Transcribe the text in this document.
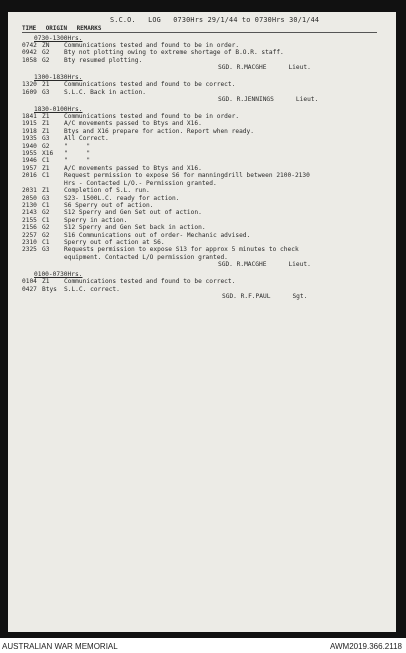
S.C.O. LOG 0730Hrs 29/1/44 to 0730Hrs 30/1/44
TIME ORIGIN REMARKS
0730-1300Hrs.
0742 ZN	Communications tested and found to be in order.
0942 G2	Bty not plotting owing to extreme shortage of B.O.R. staff.
1058 G2	Bty resumed plotting.
SGD. R.MACGHE	Lieut.
1300-1830Hrs.
1320 21	Communications tested and found to be correct.
1609 G3	S.L.C. Back in action.
SGD. R.JENNINGS	Lieut.
1830-0100Hrs.
1841 Z1	Communications tested and found to be in order.
1915 Z1	A/C movements passed to Btys and X16.
1918 Z1	Btys and X16 prepare for action. Report when ready.
1935 G3	All Correct.
1940 G2	"     "
1955 X16	"     "
1946 C1	"     "
1957 Z1	A/C movements passed to Btys and X16.
2016 C1	Request permission to expose S6 for manningdrill between 2100-2130
Hrs - Contacted L/O.- Permission granted.
2031 Z1	Completion of S.L. run.
2050 G3	S23- 1500L.C. ready for action.
2130 C1	S6 Sperry out of action.
2143 G2	S12 Sperry and Gen Set out of action.
2155 C1	Sperry in action.
2156 G2	S12 Sperry and Gen Set back in action.
2257 G2	S16 Communications out of order- Mechanic advised.
2310 C1	Sperry out of action at S6.
2325 G3	Requests permission to expose S13 for approx 5 minutes to check
equipment. Contacted L/O permission granted.
SGD. R.MACGHE	Lieut.
0100-0730Hrs.
0104 Z1	Communications tested and found to be correct.
0427 Btys	S.L.C. correct.
SGD. R.F.PAUL	Sgt.
AUSTRALIAN WAR MEMORIAL	AWM2019.366.2118
